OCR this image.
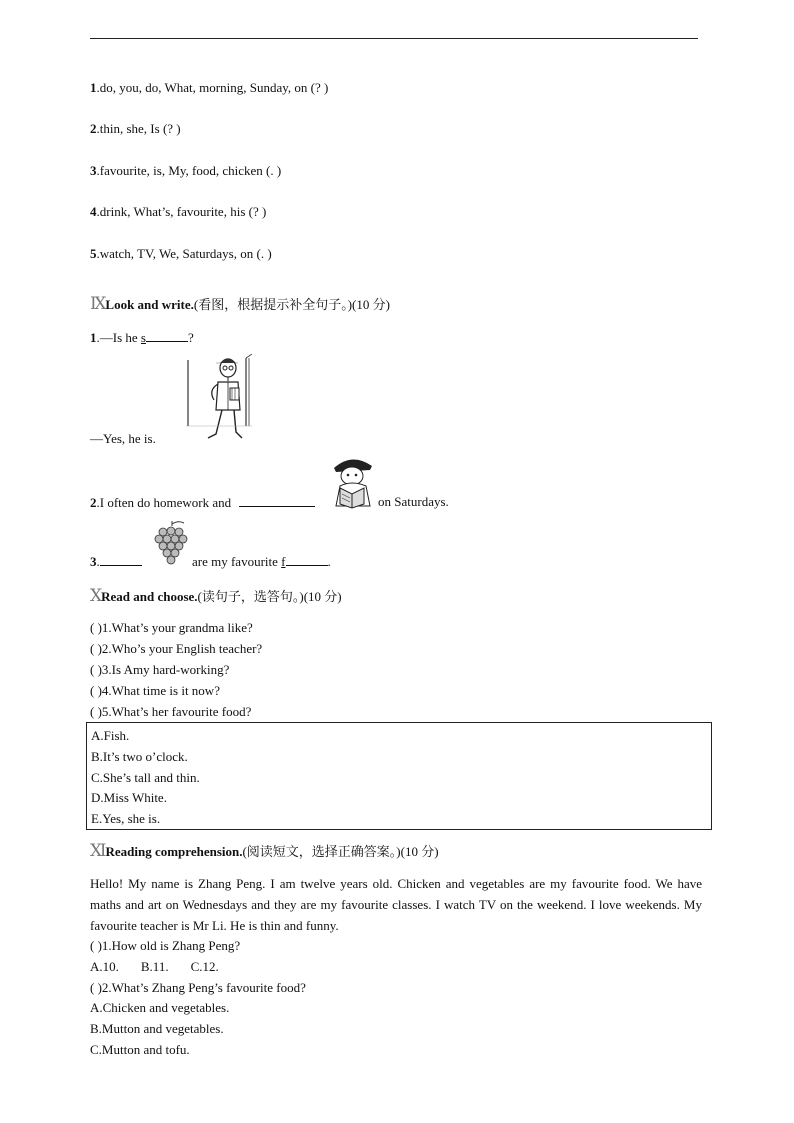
1.do, you, do, What, morning, Sunday, on (? )
2.thin, she, Is (? )
3.favourite, is, My, food, chicken (. )
4.drink, What’s, favourite, his (? )
5.watch, TV, We, Saturdays, on (. )
ⅨLook and write.(看图，根据提示补全句子。)(10 分)
1.—Is he s	?
—Yes, he is.
2.I often do homework and	on Saturdays.
3.	are my favourite f	.
ⅩRead and choose.(读句子，选答句。)(10 分)
( )1.What’s your grandma like?
( )2.Who’s your English teacher?
( )3.Is Amy hard-working?
( )4.What time is it now?
( )5.What’s her favourite food?
A.Fish.
B.It’s two o’clock.
C.She’s tall and thin.
D.Miss White.
E.Yes, she is.
ⅪReading comprehension.(阅读短文，选择正确答案。)(10 分)
Hello! My name is Zhang Peng. I am twelve years old. Chicken and vegetables are my favourite food. We have maths and art on Wednesdays and they are my favourite classes. I watch TV on the weekend. I love weekends. My favourite teacher is Mr Li. He is thin and funny.
( )1.How old is Zhang Peng?
A.10. B.11. C.12.
( )2.What’s Zhang Peng’s favourite food?
A.Chicken and vegetables.
B.Mutton and vegetables.
C.Mutton and tofu.
